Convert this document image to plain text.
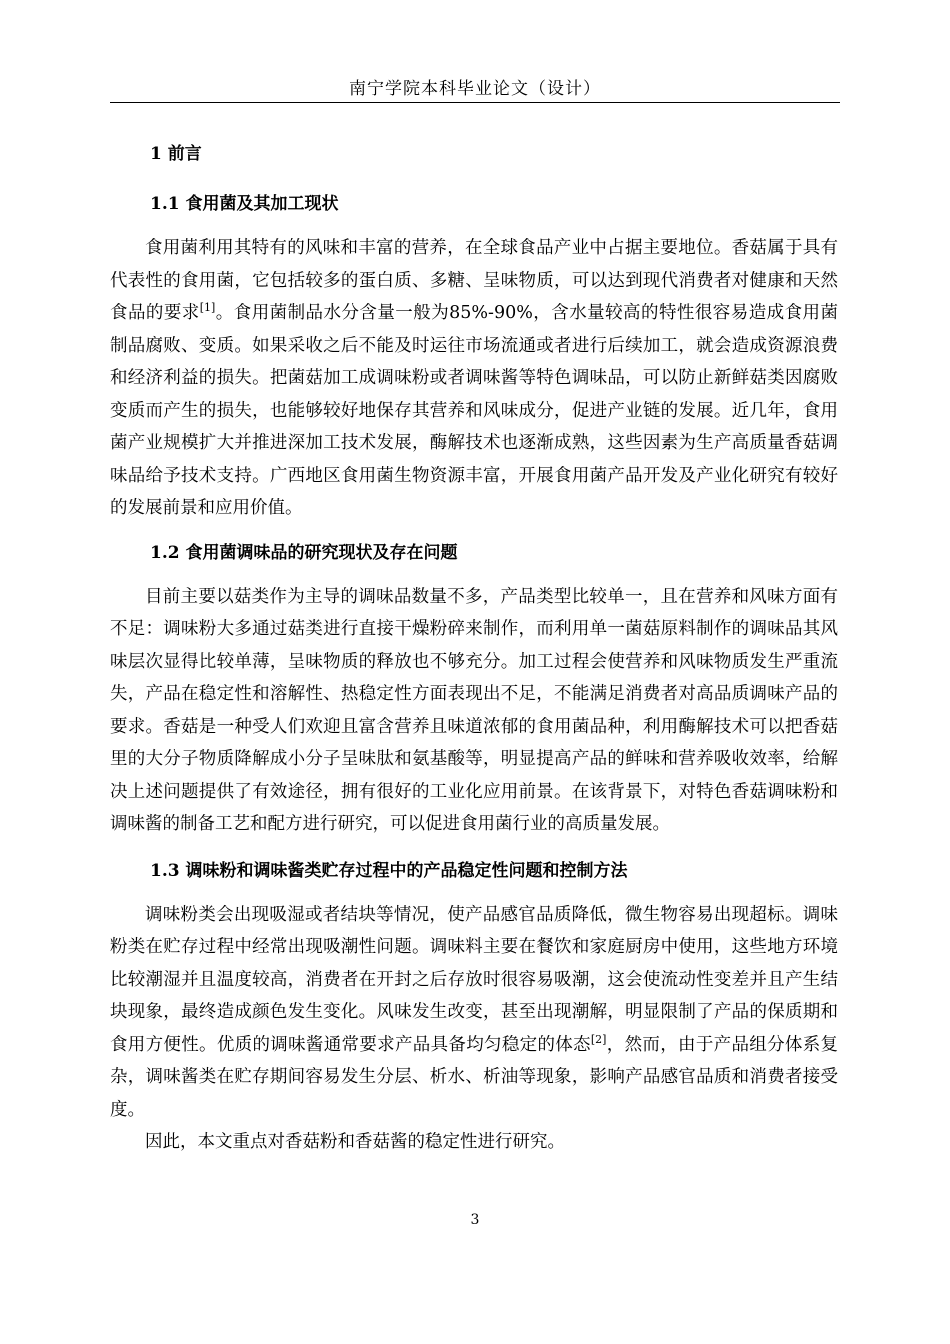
南宁学院本科毕业论文（设计）
1 前言
1.1 食用菌及其加工现状

食用菌利用其特有的风味和丰富的营养，在全球食品产业中占据主要地位。香菇属于具有代表性的食用菌，它包括较多的蛋白质、多糖、呈味物质，可以达到现代消费者对健康和天然食品的要求[1]。食用菌制品水分含量一般为85%-90%，含水量较高的特性很容易造成食用菌制品腐败、变质。如果采收之后不能及时运往市场流通或者进行后续加工，就会造成资源浪费和经济利益的损失。把菌菇加工成调味粉或者调味酱等特色调味品，可以防止新鲜菇类因腐败变质而产生的损失，也能够较好地保存其营养和风味成分，促进产业链的发展。近几年，食用菌产业规模扩大并推进深加工技术发展，酶解技术也逐渐成熟，这些因素为生产高质量香菇调味品给予技术支持。广西地区食用菌生物资源丰富，开展食用菌产品开发及产业化研究有较好的发展前景和应用价值。

1.2 食用菌调味品的研究现状及存在问题

目前主要以菇类作为主导的调味品数量不多，产品类型比较单一，且在营养和风味方面有不足：调味粉大多通过菇类进行直接干燥粉碎来制作，而利用单一菌菇原料制作的调味品其风味层次显得比较单薄，呈味物质的释放也不够充分。加工过程会使营养和风味物质发生严重流失，产品在稳定性和溶解性、热稳定性方面表现出不足，不能满足消费者对高品质调味产品的要求。香菇是一种受人们欢迎且富含营养且味道浓郁的食用菌品种，利用酶解技术可以把香菇里的大分子物质降解成小分子呈味肽和氨基酸等，明显提高产品的鲜味和营养吸收效率，给解决上述问题提供了有效途径，拥有很好的工业化应用前景。在该背景下，对特色香菇调味粉和调味酱的制备工艺和配方进行研究，可以促进食用菌行业的高质量发展。

1.3 调味粉和调味酱类贮存过程中的产品稳定性问题和控制方法

调味粉类会出现吸湿或者结块等情况，使产品感官品质降低，微生物容易出现超标。调味粉类在贮存过程中经常出现吸潮性问题。调味料主要在餐饮和家庭厨房中使用，这些地方环境比较潮湿并且温度较高，消费者在开封之后存放时很容易吸潮，这会使流动性变差并且产生结块现象，最终造成颜色发生变化。风味发生改变，甚至出现潮解，明显限制了产品的保质期和食用方便性。优质的调味酱通常要求产品具备均匀稳定的体态[2]，然而，由于产品组分体系复杂，调味酱类在贮存期间容易发生分层、析水、析油等现象，影响产品感官品质和消费者接受度。

因此，本文重点对香菇粉和香菇酱的稳定性进行研究。

3
